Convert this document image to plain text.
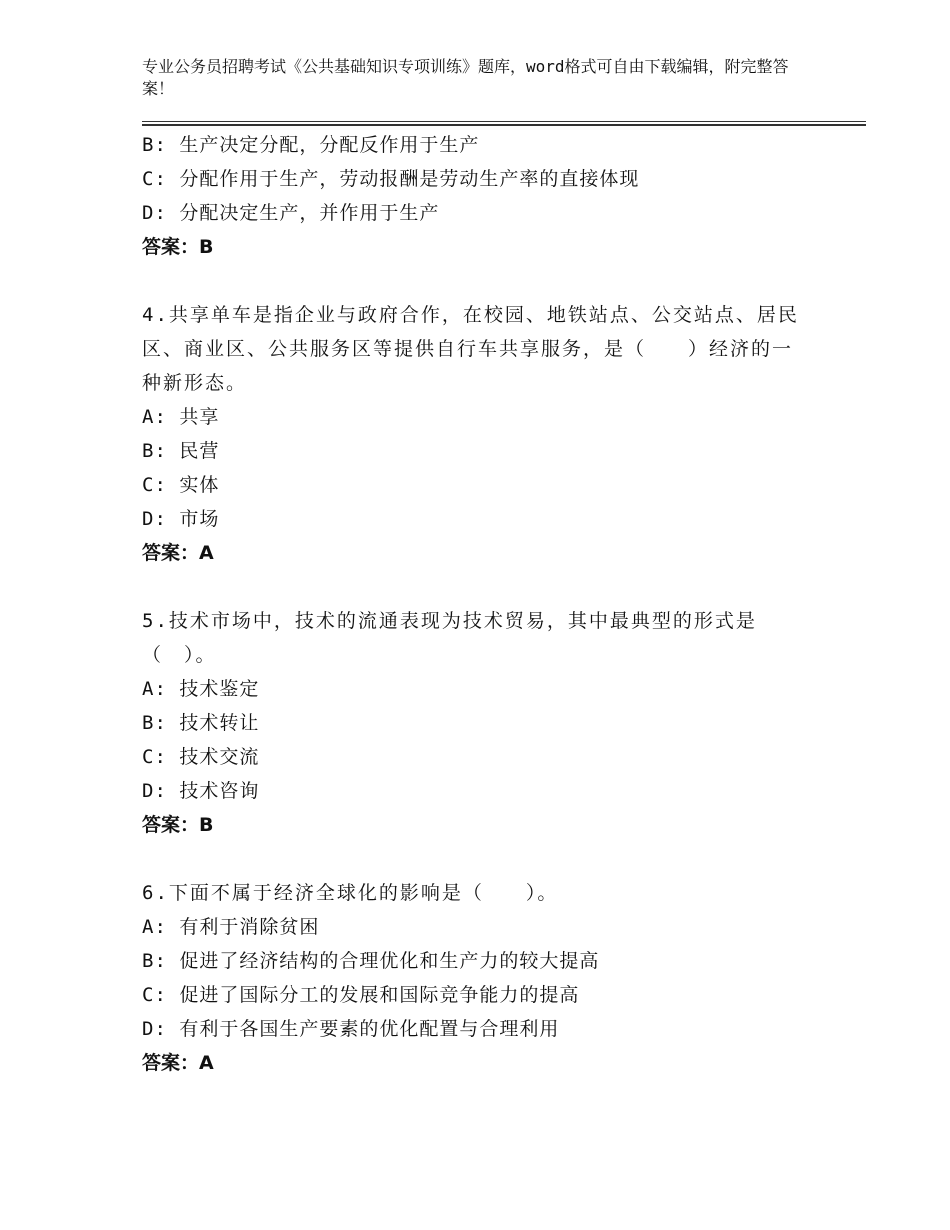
专业公务员招聘考试《公共基础知识专项训练》题库，word格式可自由下载编辑，附完整答案！
B: 生产决定分配，分配反作用于生产
C: 分配作用于生产，劳动报酬是劳动生产率的直接体现
D: 分配决定生产，并作用于生产
答案：B
4.共享单车是指企业与政府合作，在校园、地铁站点、公交站点、居民区、商业区、公共服务区等提供自行车共享服务，是（　　）经济的一种新形态。
A: 共享
B: 民营
C: 实体
D: 市场
答案：A
5.技术市场中，技术的流通表现为技术贸易，其中最典型的形式是（　）。
A: 技术鉴定
B: 技术转让
C: 技术交流
D: 技术咨询
答案：B
6.下面不属于经济全球化的影响是（　　）。
A: 有利于消除贫困
B: 促进了经济结构的合理优化和生产力的较大提高
C: 促进了国际分工的发展和国际竞争能力的提高
D: 有利于各国生产要素的优化配置与合理利用
答案：A
